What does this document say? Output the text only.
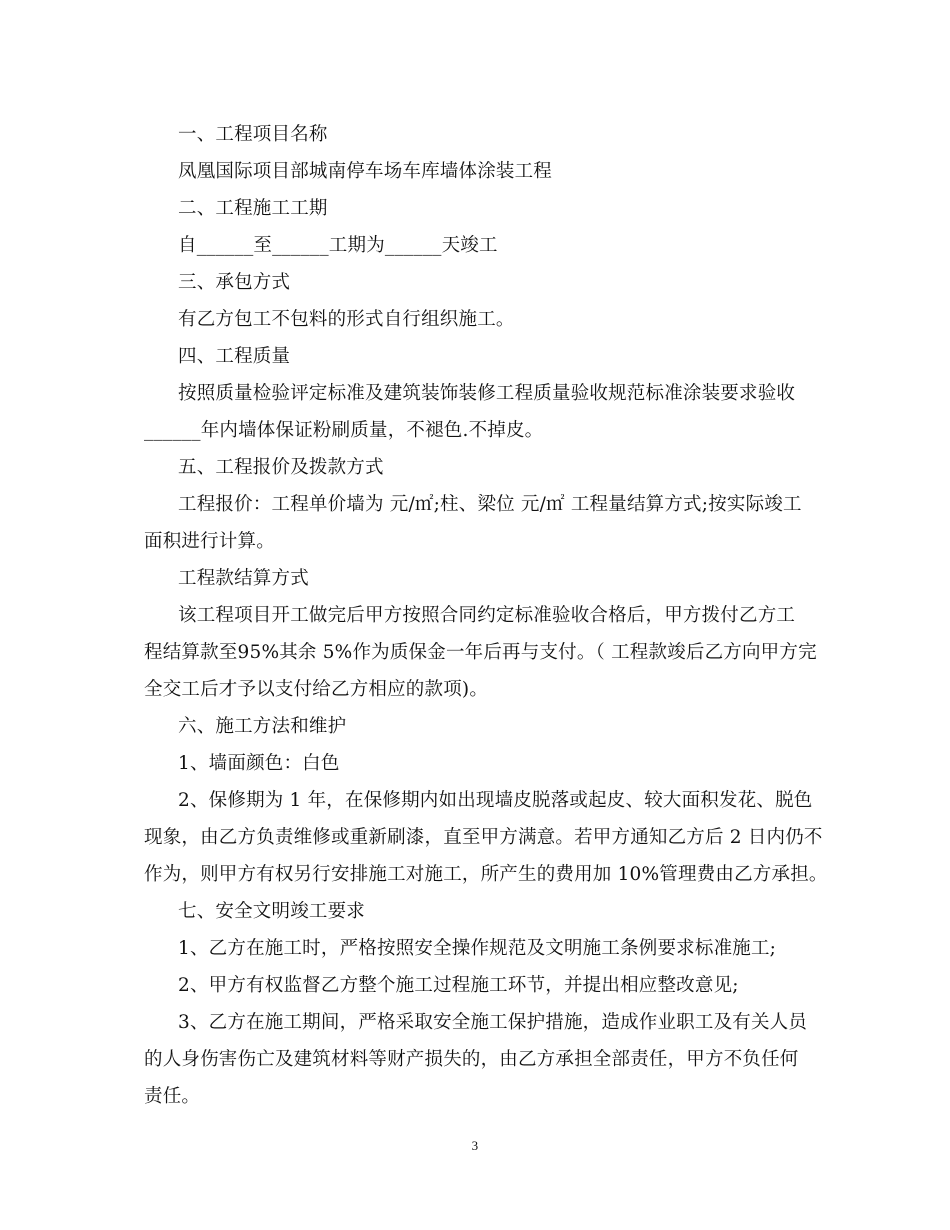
一、工程项目名称
凤凰国际项目部城南停车场车库墙体涂装工程
二、工程施工工期
自______至______工期为______天竣工
三、承包方式
有乙方包工不包料的形式自行组织施工。
四、工程质量
按照质量检验评定标准及建筑装饰装修工程质量验收规范标准涂装要求验收
______年内墙体保证粉刷质量，不褪色.不掉皮。
五、工程报价及拨款方式
工程报价：工程单价墙为 元/㎡;柱、梁位 元/㎡ 工程量结算方式;按实际竣工
面积进行计算。
工程款结算方式
该工程项目开工做完后甲方按照合同约定标准验收合格后，甲方拨付乙方工
程结算款至95%其余 5%作为质保金一年后再与支付。（ 工程款竣后乙方向甲方完
全交工后才予以支付给乙方相应的款项)。
六、施工方法和维护
1、墙面颜色：白色
2、保修期为 1 年，在保修期内如出现墙皮脱落或起皮、较大面积发花、脱色
现象，由乙方负责维修或重新刷漆，直至甲方满意。若甲方通知乙方后 2 日内仍不
作为，则甲方有权另行安排施工对施工，所产生的费用加 10%管理费由乙方承担。
七、安全文明竣工要求
1、乙方在施工时，严格按照安全操作规范及文明施工条例要求标准施工;
2、甲方有权监督乙方整个施工过程施工环节，并提出相应整改意见;
3、乙方在施工期间，严格采取安全施工保护措施，造成作业职工及有关人员
的人身伤害伤亡及建筑材料等财产损失的，由乙方承担全部责任，甲方不负任何
责任。
3
